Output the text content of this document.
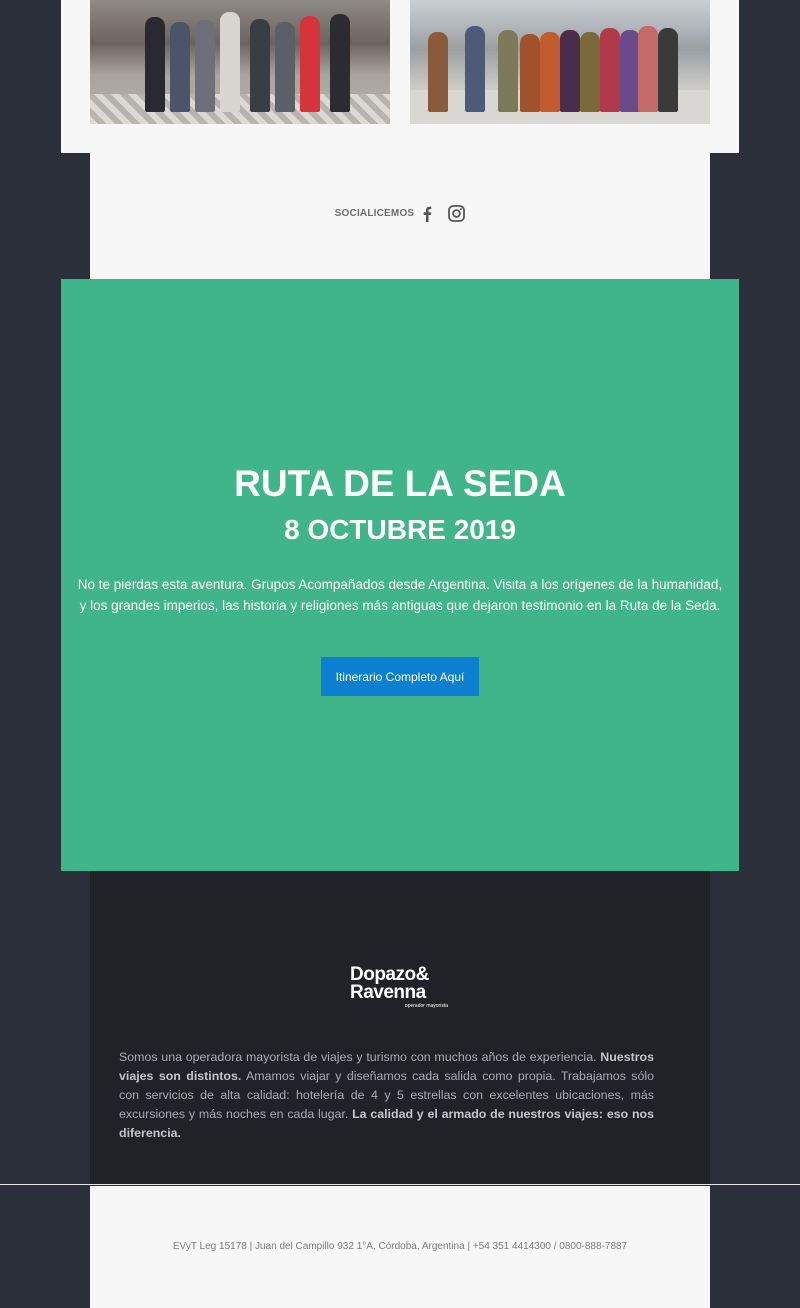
SOCIALICEMOS
RUTA DE LA SEDA
8 OCTUBRE 2019
No te pierdas esta aventura. Grupos Acompañados desde Argentina. Visita a los orígenes de la humanidad,
y los grandes imperios, las historia y religiones más antiguas que dejaron testimonio en la Ruta de la Seda.
Itinerario Completo Aquí
Dopazo&
Ravenna
operador mayorista
Somos una operadora mayorista de viajes y turismo con muchos años de experiencia. Nuestros viajes son distintos. Amamos viajar y diseñamos cada salida como propia. Trabajamos sólo con servicios de alta calidad: hotelería de 4 y 5 estrellas con excelentes ubicaciones, más excursiones y más noches en cada lugar. La calidad y el armado de nuestros viajes: eso nos diferencia.
EVyT Leg 15178 | Juan del Campillo 932 1°A, Córdoba, Argentina | +54 351 4414300 / 0800-888-7887
